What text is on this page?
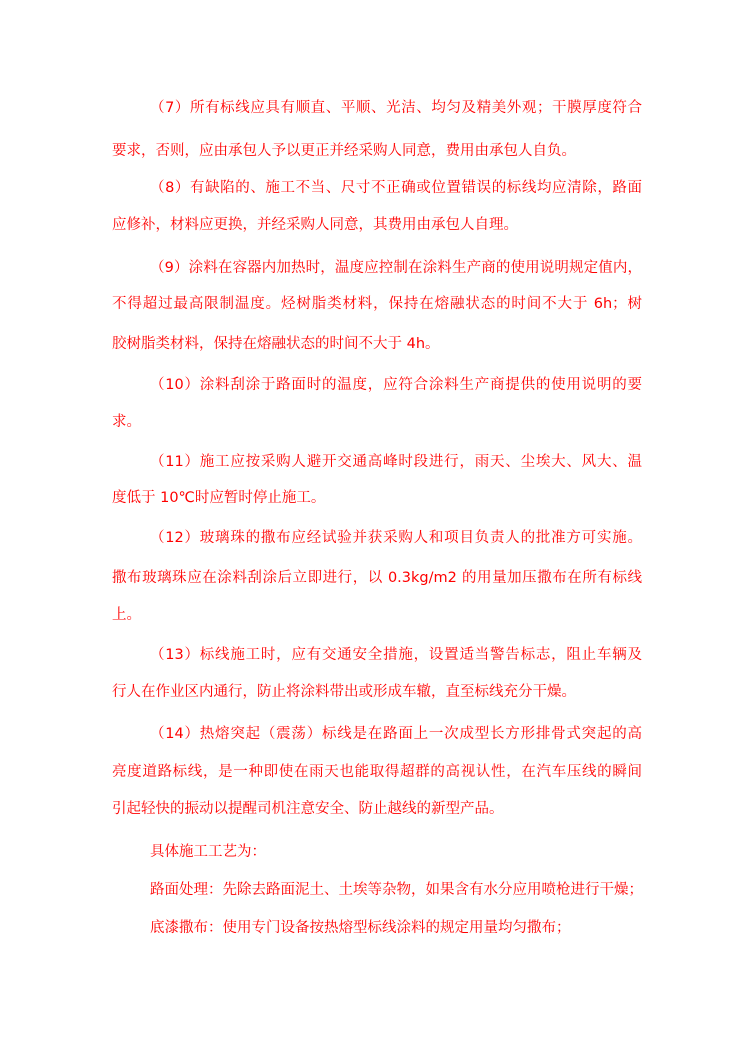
（7）所有标线应具有顺直、平顺、光洁、均匀及精美外观；干膜厚度符合

要求，否则，应由承包人予以更正并经采购人同意，费用由承包人自负。

（8）有缺陷的、施工不当、尺寸不正确或位置错误的标线均应清除，路面

应修补，材料应更换，并经采购人同意，其费用由承包人自理。

（9）涂料在容器内加热时，温度应控制在涂料生产商的使用说明规定值内，

不得超过最高限制温度。烃树脂类材料，保持在熔融状态的时间不大于 6h；树

胶树脂类材料，保持在熔融状态的时间不大于 4h。

（10）涂料刮涂于路面时的温度，应符合涂料生产商提供的使用说明的要

求。

（11）施工应按采购人避开交通高峰时段进行，雨天、尘埃大、风大、温

度低于 10℃时应暂时停止施工。

（12）玻璃珠的撒布应经试验并获采购人和项目负责人的批准方可实施。

撒布玻璃珠应在涂料刮涂后立即进行，以 0.3kg/m2 的用量加压撒布在所有标线

上。

（13）标线施工时，应有交通安全措施，设置适当警告标志，阻止车辆及

行人在作业区内通行，防止将涂料带出或形成车辙，直至标线充分干燥。

（14）热熔突起（震荡）标线是在路面上一次成型长方形排骨式突起的高

亮度道路标线，是一种即使在雨天也能取得超群的高视认性，在汽车压线的瞬间

引起轻快的振动以提醒司机注意安全、防止越线的新型产品。

具体施工工艺为：

路面处理：先除去路面泥土、土埃等杂物，如果含有水分应用喷枪进行干燥；

底漆撒布：使用专门设备按热熔型标线涂料的规定用量均匀撒布；
